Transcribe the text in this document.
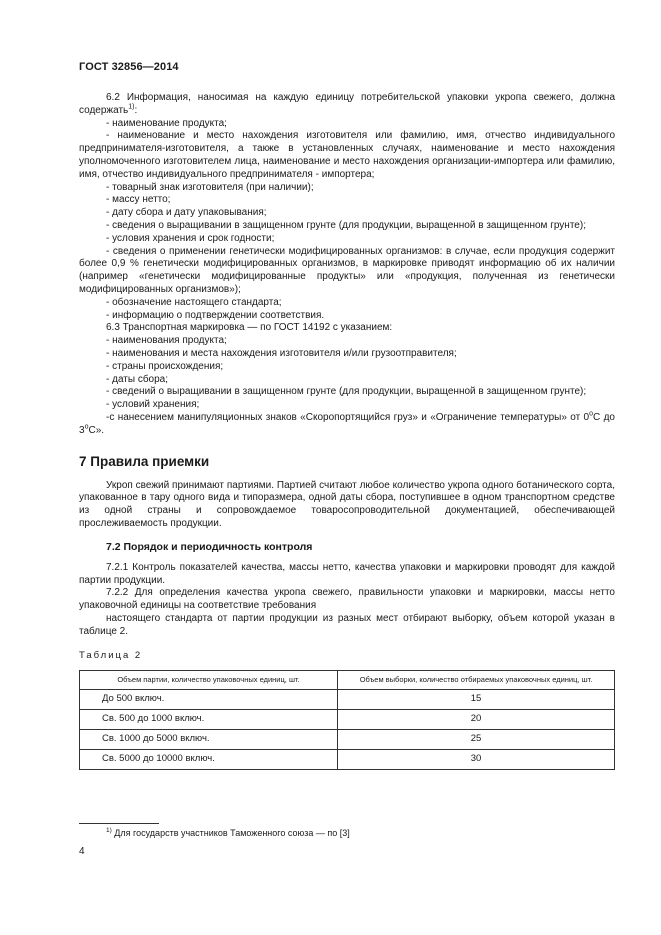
ГОСТ 32856—2014

6.2 Информация, наносимая на каждую единицу потребительской упаковки укропа свежего, должна содержать$^{1)}$:

- наименование продукта;

- наименование и место нахождения изготовителя или фамилию, имя, отчество индивидуального предпринимателя-изготовителя, а также в установленных случаях, наименование и место нахождения уполномоченного изготовителем лица, наименование и место нахождения организации-импортера или фамилию, имя, отчество индивидуального предпринимателя - импортера;

- товарный знак изготовителя (при наличии);

- массу нетто;

- дату сбора и дату упаковывания;

- сведения о выращивании в защищенном грунте (для продукции, выращенной в защищенном грунте);

- условия хранения и срок годности;

- сведения о применении генетически модифицированных организмов: в случае, если продукция содержит более 0,9 % генетически модифицированных организмов, в маркировке приводят информацию об их наличии (например «генетически модифицированные продукты» или «продукция, полученная из генетически модифицированных организмов»);

- обозначение настоящего стандарта;

- информацию о подтверждении соответствия.

6.3 Транспортная маркировка — по ГОСТ 14192 с указанием:

- наименования продукта;

- наименования и места нахождения изготовителя и/или грузоотправителя;

- страны происхождения;

- даты сбора;

- сведений о выращивании в защищенном грунте (для продукции, выращенной в защищенном грунте);

- условий хранения;

-с нанесением манипуляционных знаков «Скоропортящийся груз» и «Ограничение температуры» от $0^оС$ до $3^оС$».

7 Правила приемки

Укроп свежий принимают партиями. Партией считают любое количество укропа одного ботанического сорта, упакованное в тару одного вида и типоразмера, одной даты сбора, поступившее в одном транспортном средстве из одной страны и сопровождаемое товаросопроводительной документацией, обеспечивающей прослеживаемость продукции.

7.2 Порядок и периодичность контроля

7.2.1 Контроль показателей качества, массы нетто, качества упаковки и маркировки проводят для каждой партии продукции.

7.2.2 Для определения качества укропа свежего, правильности упаковки и маркировки, массы нетто упаковочной единицы на соответствие требования

настоящего стандарта от партии продукции из разных мест отбирают выборку, объем которой указан в таблице 2.

Таблица 2

Объем партии, количество упаковочных единиц, шт.	Объем выборки, количество отбираемых упаковочных единиц, шт.
До 500 включ.	15
Св. 500 до 1000 включ.	20
Св. 1000 до 5000 включ.	25
Св. 5000 до 10000 включ.	30
$^{1)}$ Для государств участников Таможенного союза — по [3]
4
